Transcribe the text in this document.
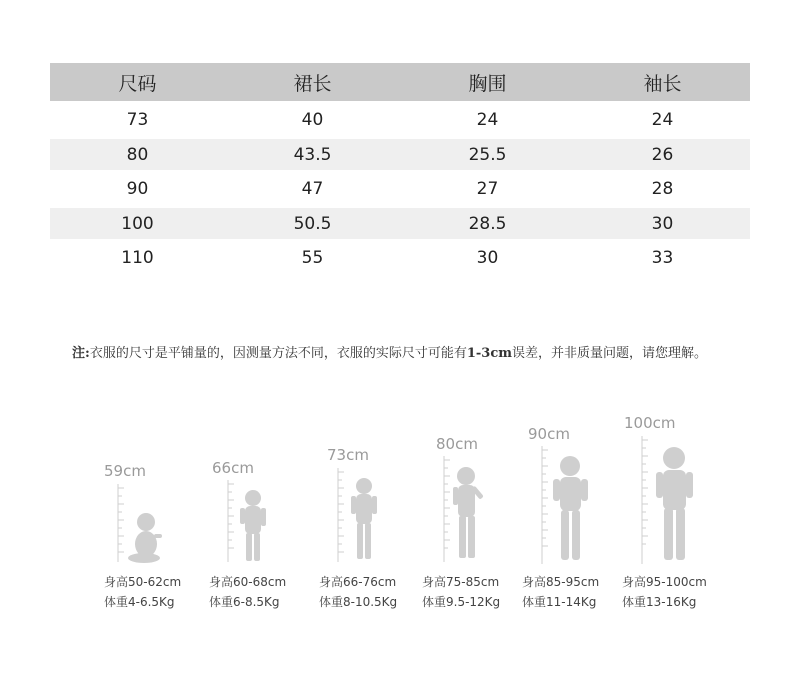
尺码	裙长	胸围	袖长
73	40	24	24
80	43.5	25.5	26
90	47	27	28
100	50.5	28.5	30
110	55	30	33
注:衣服的尺寸是平铺量的，因测量方法不同，衣服的实际尺寸可能有1-3cm误差，并非质量问题，请您理解。
59cm
身高50-62cm
体重4-6.5Kg
66cm
身高60-68cm
体重6-8.5Kg
73cm
身高66-76cm
体重8-10.5Kg
80cm
身高75-85cm
体重9.5-12Kg
90cm
身高85-95cm
体重11-14Kg
100cm
身高95-100cm
体重13-16Kg
